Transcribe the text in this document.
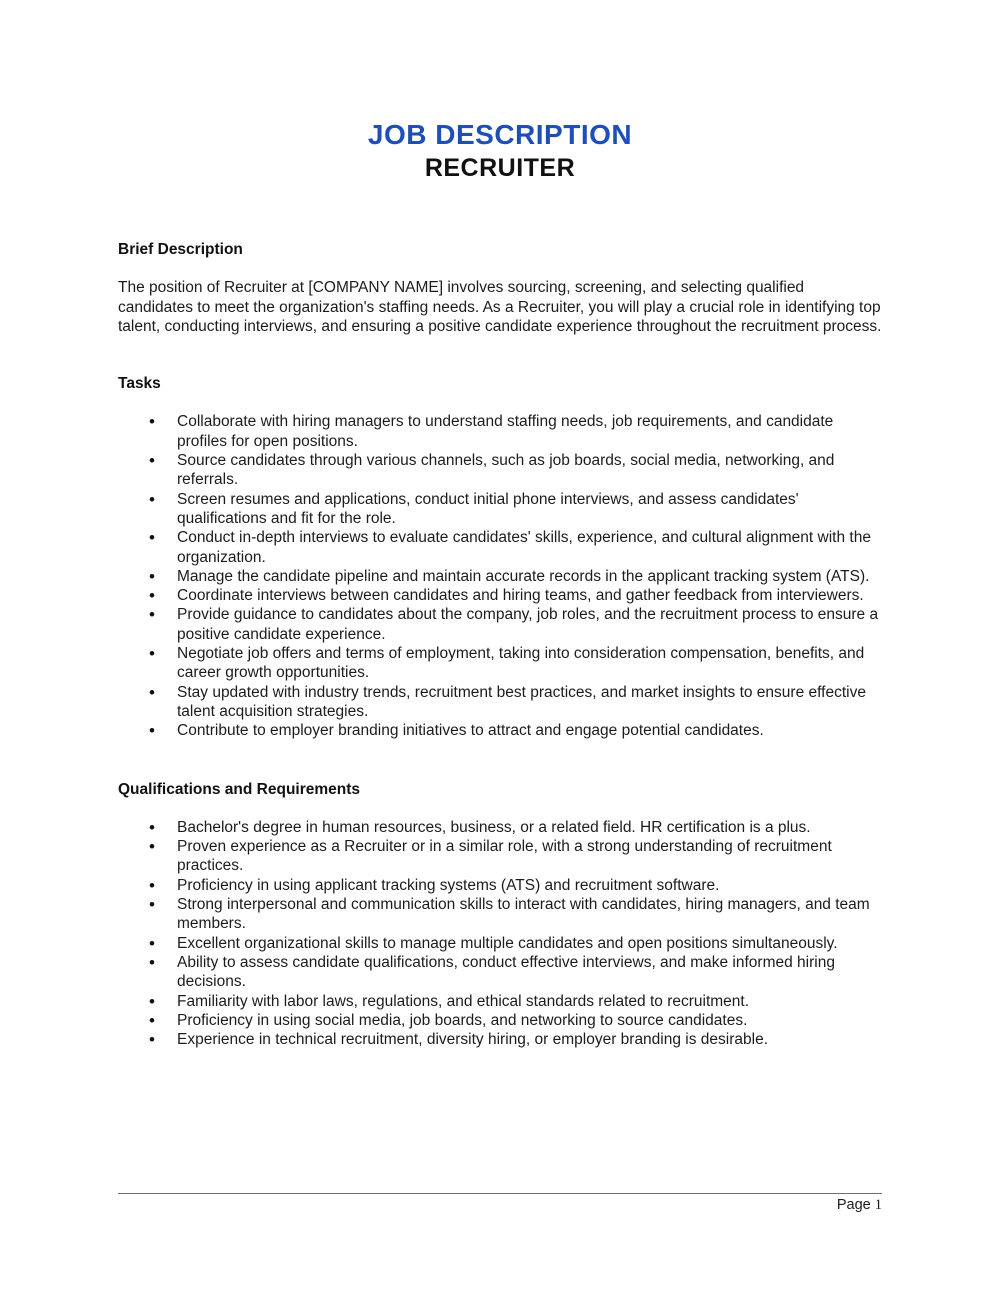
JOB DESCRIPTION
RECRUITER
Brief Description

The position of Recruiter at [COMPANY NAME] involves sourcing, screening, and selecting qualified candidates to meet the organization's staffing needs. As a Recruiter, you will play a crucial role in identifying top talent, conducting interviews, and ensuring a positive candidate experience throughout the recruitment process.

Tasks
• Collaborate with hiring managers to understand staffing needs, job requirements, and candidate profiles for open positions.
• Source candidates through various channels, such as job boards, social media, networking, and referrals.
• Screen resumes and applications, conduct initial phone interviews, and assess candidates' qualifications and fit for the role.
• Conduct in-depth interviews to evaluate candidates' skills, experience, and cultural alignment with the organization.
• Manage the candidate pipeline and maintain accurate records in the applicant tracking system (ATS).
• Coordinate interviews between candidates and hiring teams, and gather feedback from interviewers.
• Provide guidance to candidates about the company, job roles, and the recruitment process to ensure a positive candidate experience.
• Negotiate job offers and terms of employment, taking into consideration compensation, benefits, and career growth opportunities.
• Stay updated with industry trends, recruitment best practices, and market insights to ensure effective talent acquisition strategies.
• Contribute to employer branding initiatives to attract and engage potential candidates.
Qualifications and Requirements
• Bachelor's degree in human resources, business, or a related field. HR certification is a plus.
• Proven experience as a Recruiter or in a similar role, with a strong understanding of recruitment practices.
• Proficiency in using applicant tracking systems (ATS) and recruitment software.
• Strong interpersonal and communication skills to interact with candidates, hiring managers, and team members.
• Excellent organizational skills to manage multiple candidates and open positions simultaneously.
• Ability to assess candidate qualifications, conduct effective interviews, and make informed hiring decisions.
• Familiarity with labor laws, regulations, and ethical standards related to recruitment.
• Proficiency in using social media, job boards, and networking to source candidates.
• Experience in technical recruitment, diversity hiring, or employer branding is desirable.
Page 1
